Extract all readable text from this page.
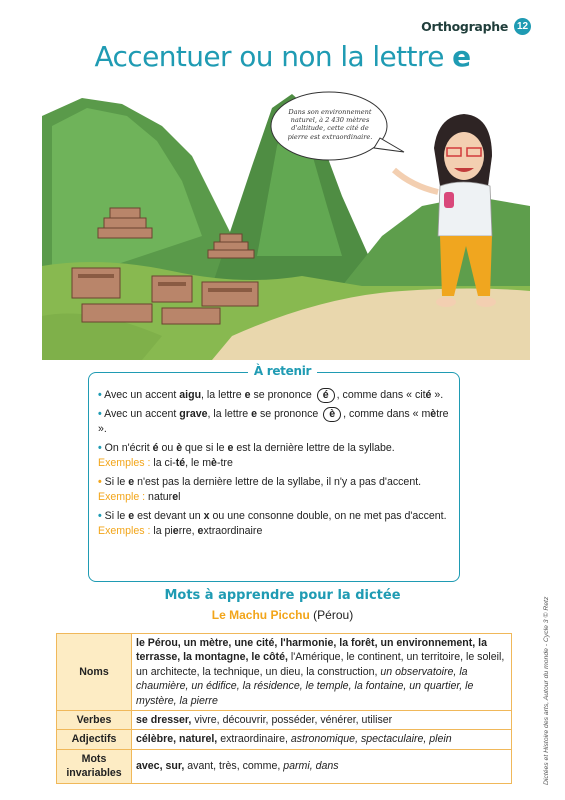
Orthographe 12
Accentuer ou non la lettre e
Dans son environnement naturel, à 2 430 mètres d'altitude, cette cité de pierre est extraordinaire.
À retenir
• Avec un accent aigu, la lettre e se prononce é , comme dans « cité ».
• Avec un accent grave, la lettre e se prononce è , comme dans « mètre ».
• On n'écrit é ou è que si le e est la dernière lettre de la syllabe.
Exemples : la ci-té, le mè-tre
• Si le e n'est pas la dernière lettre de la syllabe, il n'y a pas d'accent.
Exemple : naturel
• Si le e est devant un x ou une consonne double, on ne met pas d'accent.
Exemples : la pierre, extraordinaire
Mots à apprendre pour la dictée
Le Machu Picchu (Pérou)
Noms	le Pérou, un mètre, une cité, l'harmonie, la forêt, un environnement, la terrasse, la montagne, le côté, l'Amérique, le continent, un territoire, le soleil, un architecte, la technique, un dieu, la construction, un observatoire, la chaumière, un édifice, la résidence, le temple, la fontaine, un quartier, le mystère, la pierre
Verbes	se dresser, vivre, découvrir, posséder, vénérer, utiliser
Adjectifs	célèbre, naturel, extraordinaire, astronomique, spectaculaire, plein
Mots invariables	avec, sur, avant, très, comme, parmi, dans	Dictées et Histoire des arts, Autour du monde - Cycle 3 © Retz
